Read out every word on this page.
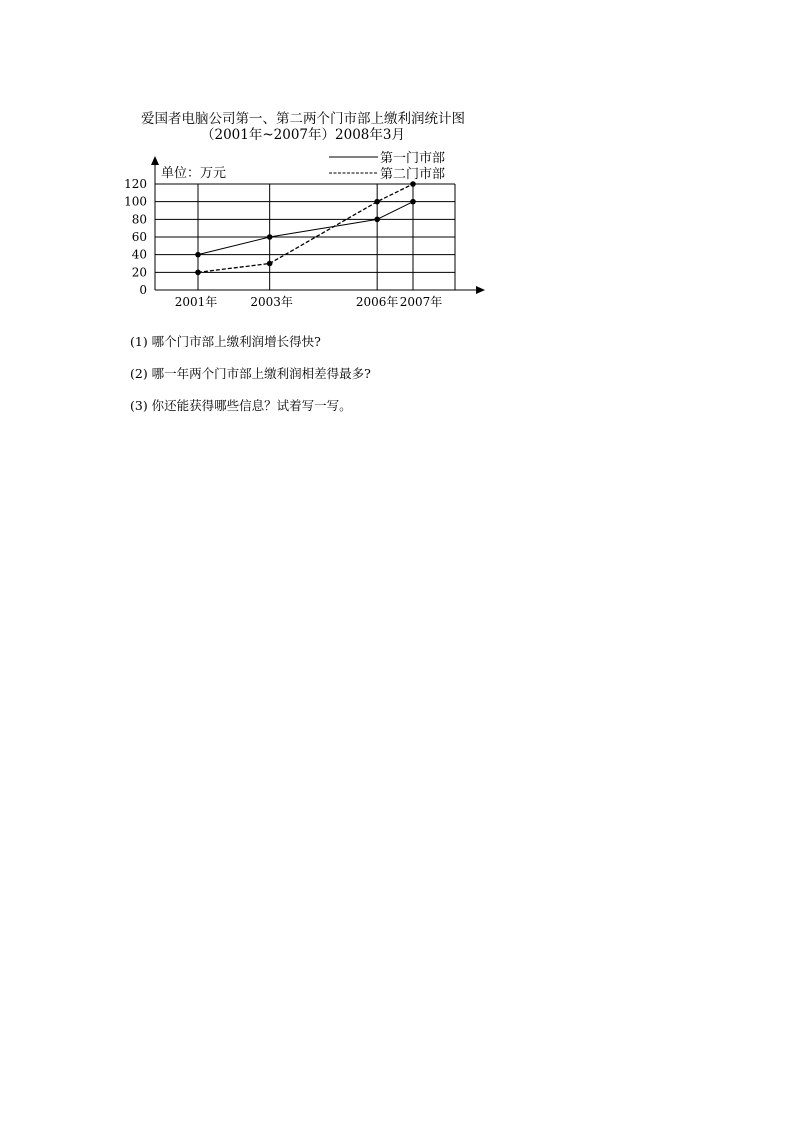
爱国者电脑公司第一、第二两个门市部上缴利润统计图
（2001年~2007年）2008年3月
0
20
40
60
80
100
120
2001年	2003年	2006年 2007年
第一门市部
第二门市部
单位：万元
(1) 哪个门市部上缴利润增长得快?
(2) 哪一年两个门市部上缴利润相差得最多?
(3) 你还能获得哪些信息？试着写一写。
